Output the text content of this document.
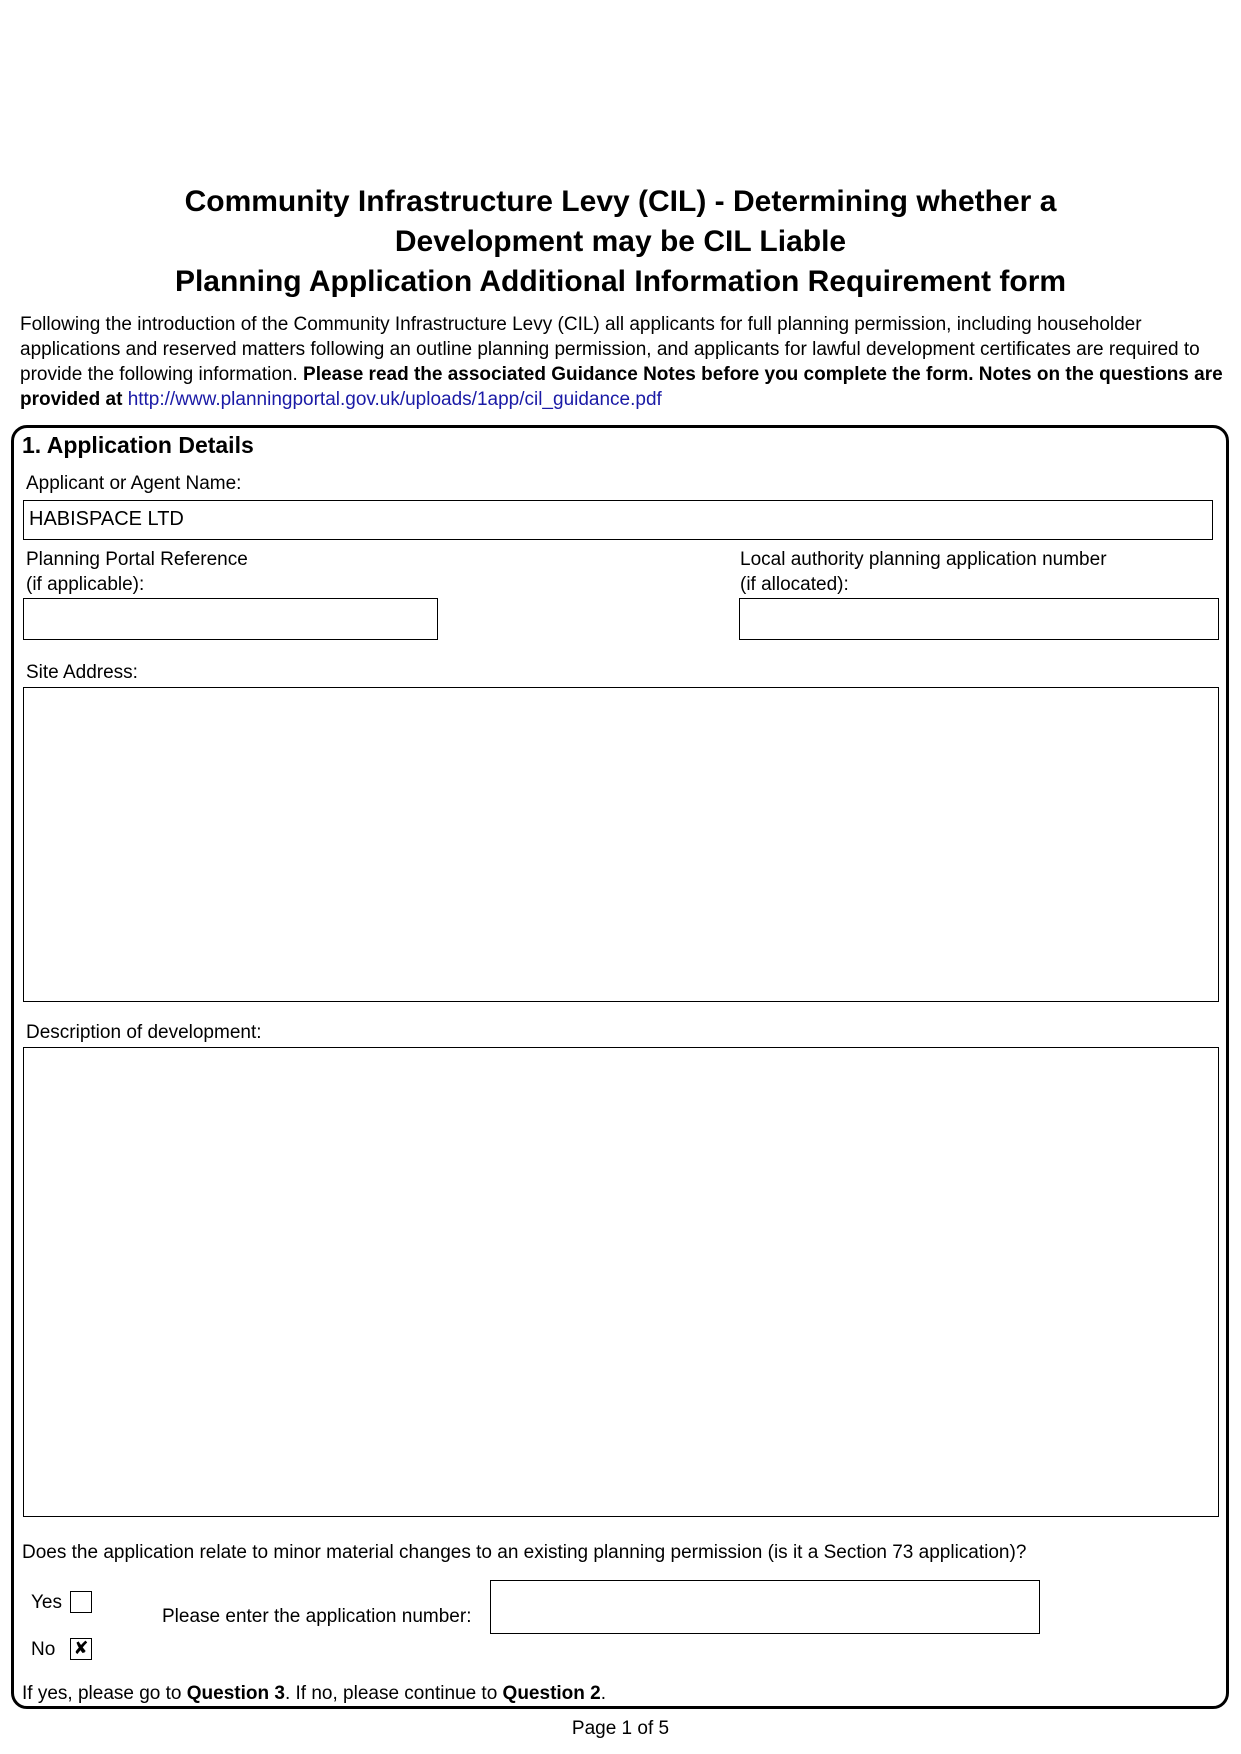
Community Infrastructure Levy (CIL) - Determining whether a
Development may be CIL Liable
Planning Application Additional Information Requirement form

Following the introduction of the Community Infrastructure Levy (CIL) all applicants for full planning permission, including householder applications and reserved matters following an outline planning permission, and applicants for lawful development certificates are required to provide the following information. Please read the associated Guidance Notes before you complete the form. Notes on the questions are provided at http://www.planningportal.gov.uk/uploads/1app/cil_guidance.pdf

1. Application Details
Applicant or Agent Name:
HABISPACE LTD
Planning Portal Reference
(if applicable):
Local authority planning application number
(if allocated):
Site Address:
Description of development:
Does the application relate to minor material changes to an existing planning permission (is it a Section 73 application)?
Yes
No ✘
Please enter the application number:
If yes, please go to Question 3. If no, please continue to Question 2.
Page 1 of 5
